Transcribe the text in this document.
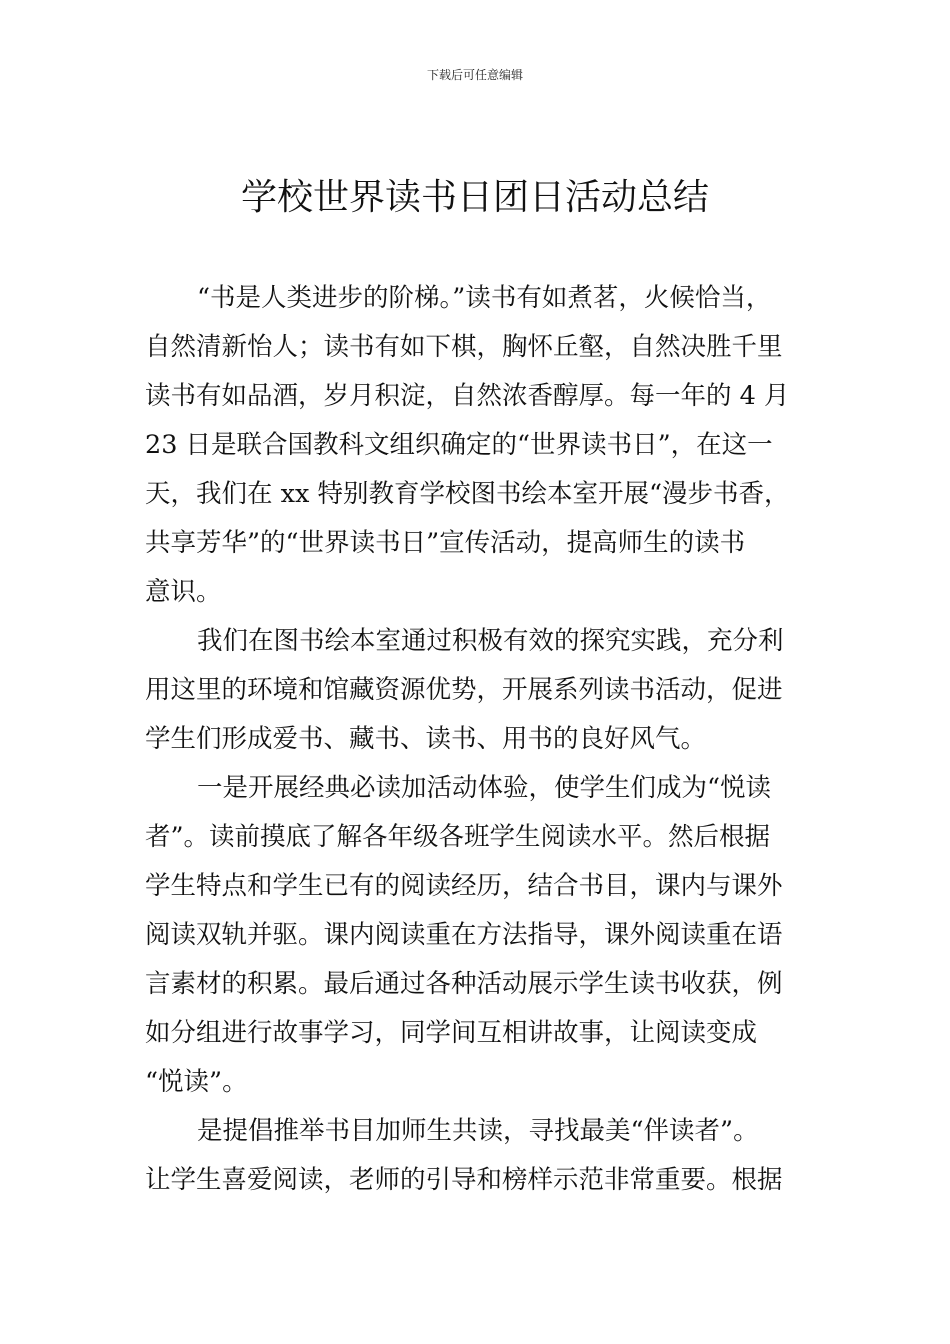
下载后可任意编辑
学校世界读书日团日活动总结
“书是人类进步的阶梯。”读书有如煮茗，火候恰当，
自然清新怡人；读书有如下棋，胸怀丘壑，自然决胜千里
读书有如品酒，岁月积淀，自然浓香醇厚。每一年的 4 月
23 日是联合国教科文组织确定的“世界读书日”，在这一
天，我们在 xx 特别教育学校图书绘本室开展“漫步书香，
共享芳华”的“世界读书日”宣传活动，提高师生的读书
意识。
我们在图书绘本室通过积极有效的探究实践，充分利
用这里的环境和馆藏资源优势，开展系列读书活动，促进
学生们形成爱书、藏书、读书、用书的良好风气。
一是开展经典必读加活动体验，使学生们成为“悦读
者”。读前摸底了解各年级各班学生阅读水平。然后根据
学生特点和学生已有的阅读经历，结合书目，课内与课外
阅读双轨并驱。课内阅读重在方法指导，课外阅读重在语
言素材的积累。最后通过各种活动展示学生读书收获，例
如分组进行故事学习，同学间互相讲故事，让阅读变成
“悦读”。
是提倡推举书目加师生共读，寻找最美“伴读者”。
让学生喜爱阅读，老师的引导和榜样示范非常重要。根据
